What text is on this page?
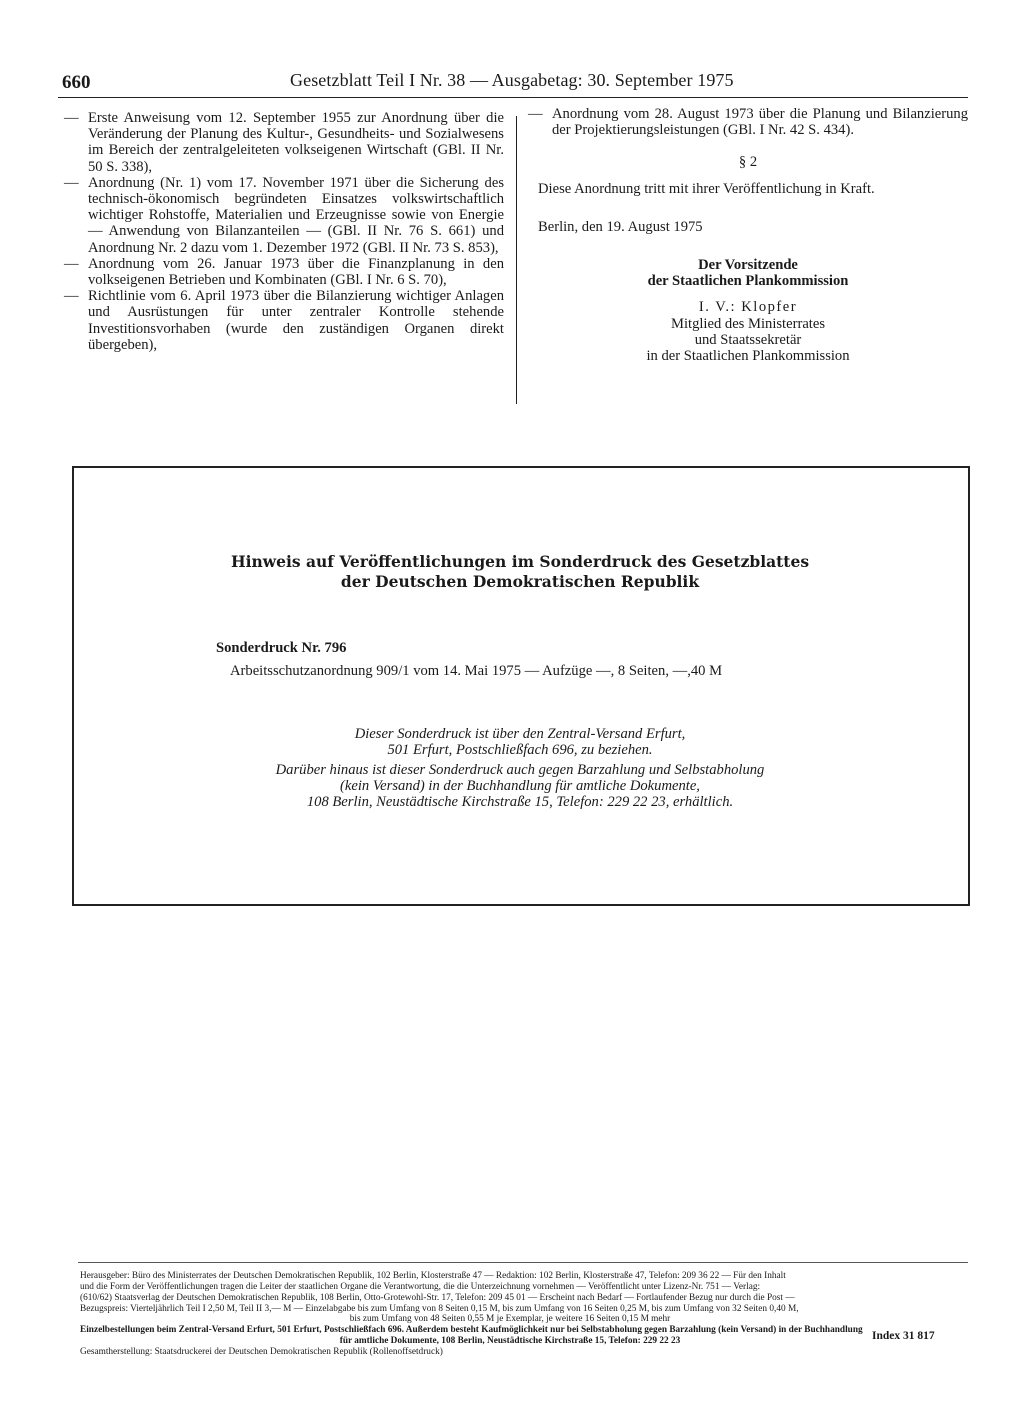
660	Gesetzblatt Teil I Nr. 38 — Ausgabetag: 30. September 1975

— Erste Anweisung vom 12. September 1955 zur Anordnung über die Veränderung der Planung des Kultur-, Gesundheits- und Sozialwesens im Bereich der zentralgeleiteten volkseigenen Wirtschaft (GBl. II Nr. 50 S. 338),

— Anordnung (Nr. 1) vom 17. November 1971 über die Sicherung des technisch-ökonomisch begründeten Einsatzes volkswirtschaftlich wichtiger Rohstoffe, Materialien und Erzeugnisse sowie von Energie — Anwendung von Bilanzanteilen — (GBl. II Nr. 76 S. 661) und Anordnung Nr. 2 dazu vom 1. Dezember 1972 (GBl. II Nr. 73 S. 853),

— Anordnung vom 26. Januar 1973 über die Finanzplanung in den volkseigenen Betrieben und Kombinaten (GBl. I Nr. 6 S. 70),

— Richtlinie vom 6. April 1973 über die Bilanzierung wichtiger Anlagen und Ausrüstungen für unter zentraler Kontrolle stehende Investitionsvorhaben (wurde den zuständigen Organen direkt übergeben),

— Anordnung vom 28. August 1973 über die Planung und Bilanzierung der Projektierungsleistungen (GBl. I Nr. 42 S. 434).

§ 2

Diese Anordnung tritt mit ihrer Veröffentlichung in Kraft.

Berlin, den 19. August 1975

Der Vorsitzende
der Staatlichen Plankommission
I. V.: Klopfer
Mitglied des Ministerrates
und Staatssekretär
in der Staatlichen Plankommission
Hinweis auf Veröffentlichungen im Sonderdruck des Gesetzblattes
der Deutschen Demokratischen Republik
Sonderdruck Nr. 796
Arbeitsschutzanordnung 909/1 vom 14. Mai 1975 — Aufzüge —, 8 Seiten, —,40 M
Dieser Sonderdruck ist über den Zentral-Versand Erfurt,
501 Erfurt, Postschließfach 696, zu beziehen.
Darüber hinaus ist dieser Sonderdruck auch gegen Barzahlung und Selbstabholung
(kein Versand) in der Buchhandlung für amtliche Dokumente,
108 Berlin, Neustädtische Kirchstraße 15, Telefon: 229 22 23, erhältlich.
Herausgeber: Büro des Ministerrates der Deutschen Demokratischen Republik, 102 Berlin, Klosterstraße 47 — Redaktion: 102 Berlin, Klosterstraße 47, Telefon: 209 36 22 — Für den Inhalt
und die Form der Veröffentlichungen tragen die Leiter der staatlichen Organe die Verantwortung, die die Unterzeichnung vornehmen — Veröffentlicht unter Lizenz-Nr. 751 — Verlag:
(610/62) Staatsverlag der Deutschen Demokratischen Republik, 108 Berlin, Otto-Grotewohl-Str. 17, Telefon: 209 45 01 — Erscheint nach Bedarf — Fortlaufender Bezug nur durch die Post —
Bezugspreis: Vierteljährlich Teil I 2,50 M, Teil II 3,— M — Einzelabgabe bis zum Umfang von 8 Seiten 0,15 M, bis zum Umfang von 16 Seiten 0,25 M, bis zum Umfang von 32 Seiten 0,40 M,
bis zum Umfang von 48 Seiten 0,55 M je Exemplar, je weitere 16 Seiten 0,15 M mehr
Einzelbestellungen beim Zentral-Versand Erfurt, 501 Erfurt, Postschließfach 696. Außerdem besteht Kaufmöglichkeit nur bei Selbstabholung gegen Barzahlung (kein Versand) in der Buchhandlung
für amtliche Dokumente, 108 Berlin, Neustädtische Kirchstraße 15, Telefon: 229 22 23
Gesamtherstellung: Staatsdruckerei der Deutschen Demokratischen Republik (Rollenoffsetdruck)
Index 31 817
